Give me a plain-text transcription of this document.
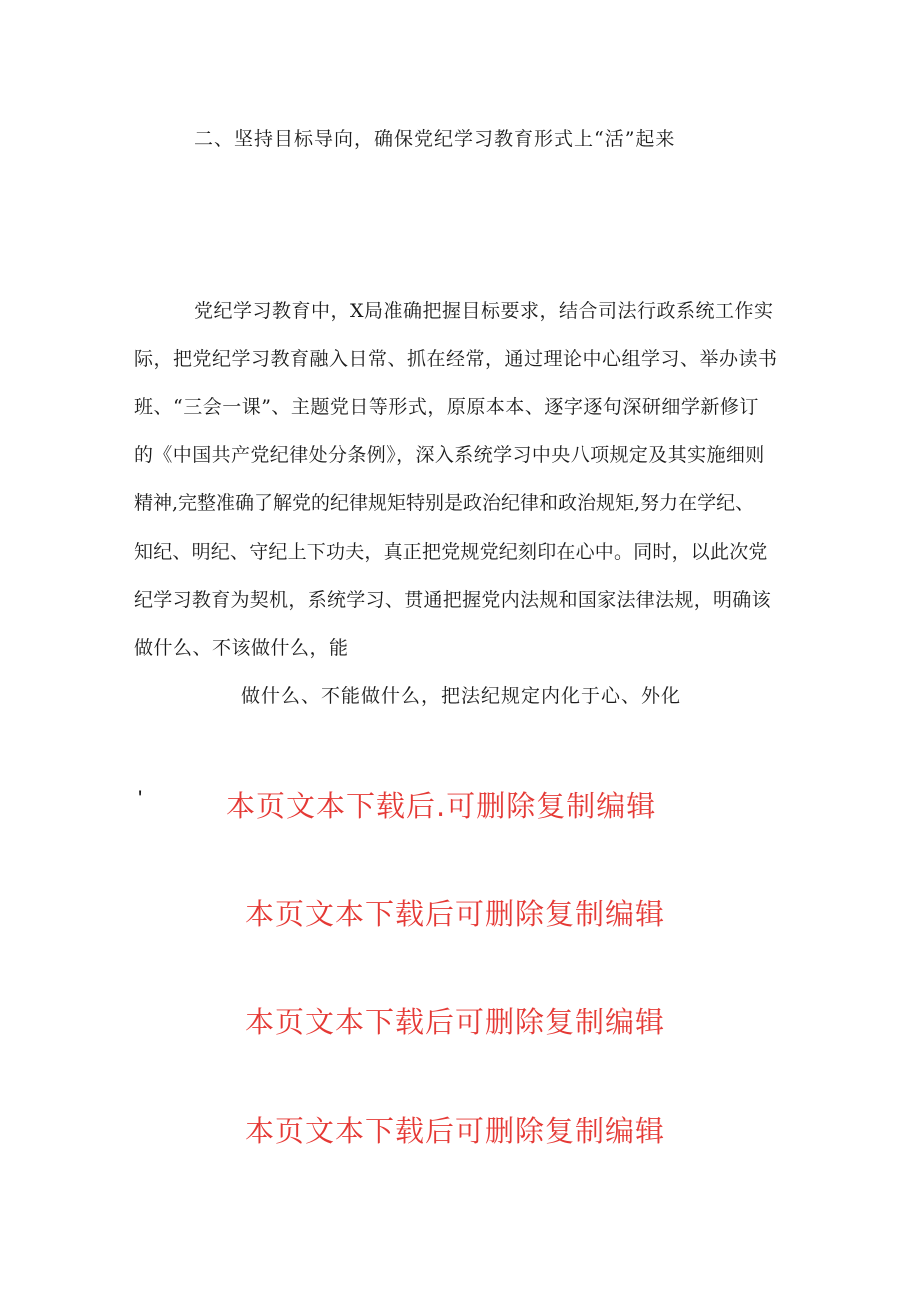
二、坚持目标导向，确保党纪学习教育形式上“活”起来
党纪学习教育中，X局准确把握目标要求，结合司法行政系统工作实
际，把党纪学习教育融入日常、抓在经常，通过理论中心组学习、举办读书
班、“三会一课”、主题党日等形式，原原本本、逐字逐句深研细学新修订
的《中国共产党纪律处分条例》，深入系统学习中央八项规定及其实施细则
精神,完整准确了解党的纪律规矩特别是政治纪律和政治规矩,努力在学纪、
知纪、明纪、守纪上下功夫，真正把党规党纪刻印在心中。同时，以此次党
纪学习教育为契机，系统学习、贯通把握党内法规和国家法律法规，明确该
做什么、不该做什么，能
做什么、不能做什么，把法纪规定内化于心、外化
'	本页文本下载后.可删除复制编辑
本页文本下载后可删除复制编辑
本页文本下载后可删除复制编辑
本页文本下载后可删除复制编辑
